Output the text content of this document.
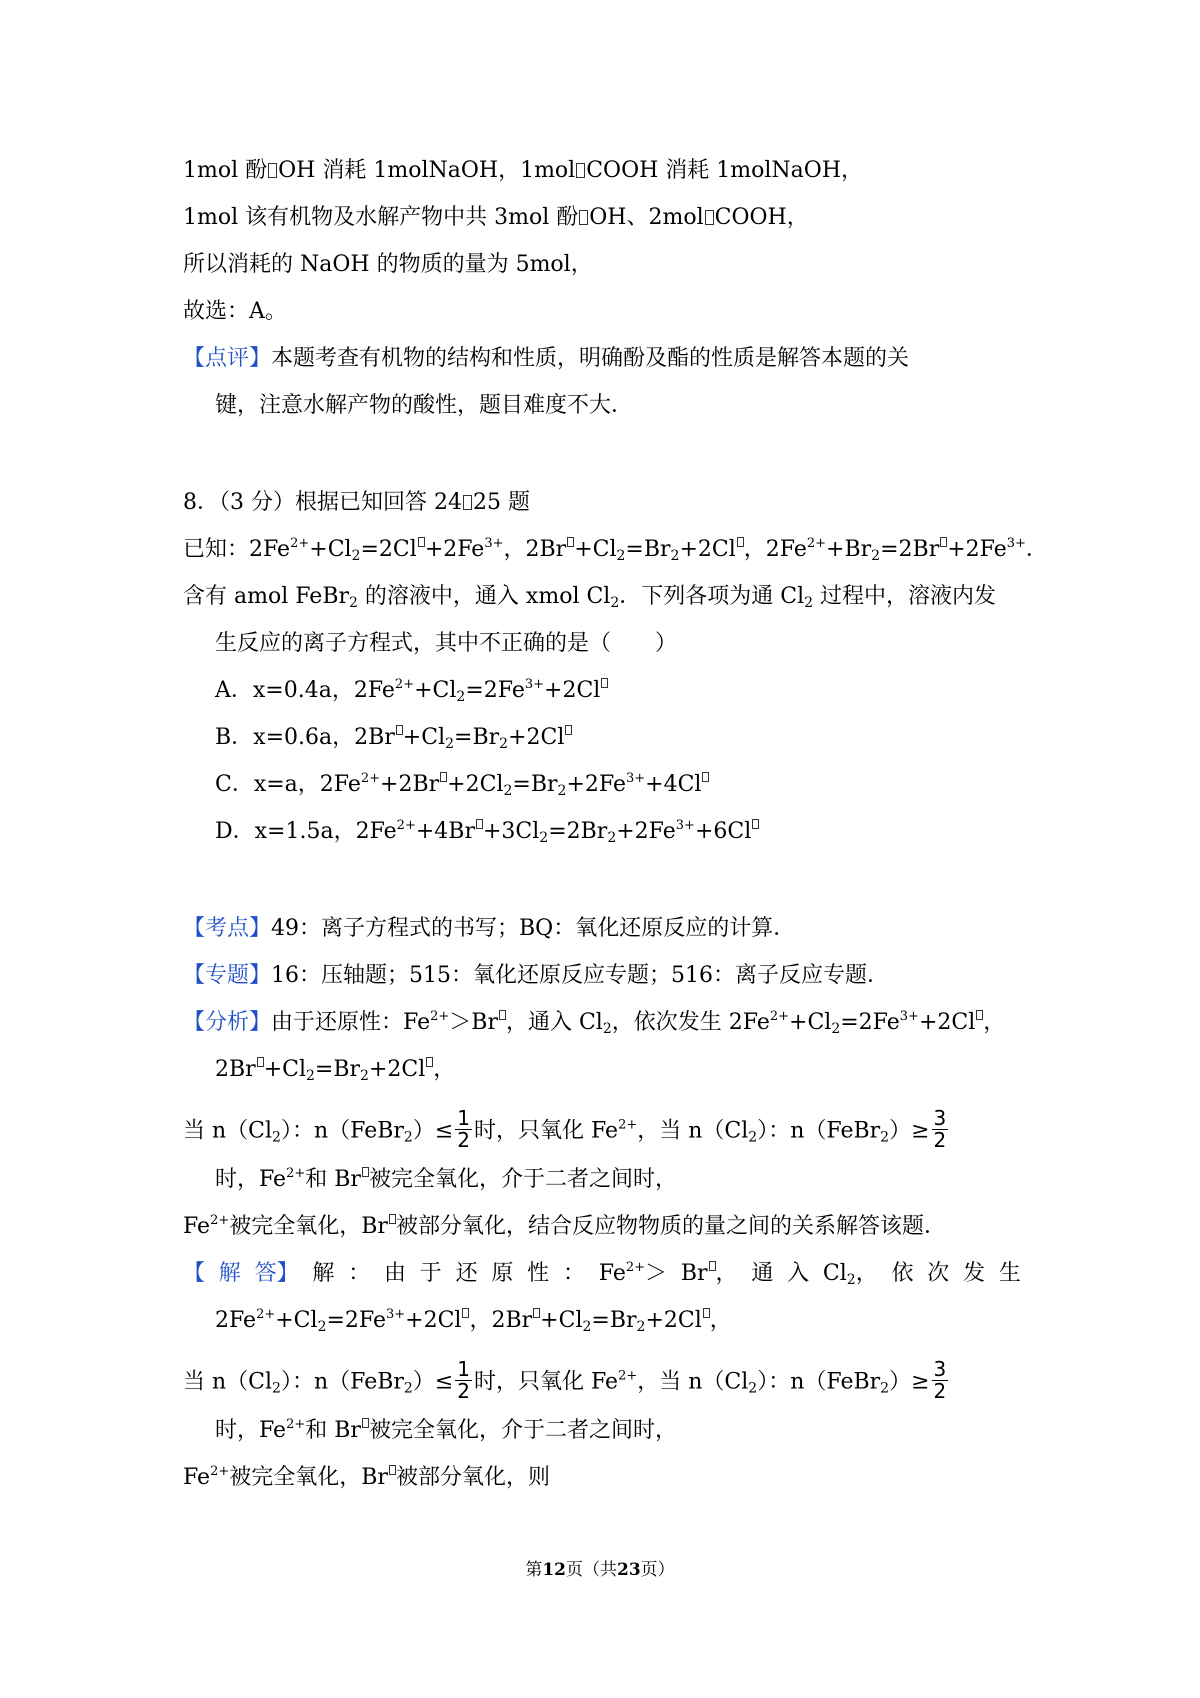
1mol 酚 OH 消耗 1molNaOH，1mol COOH 消耗 1molNaOH，
1mol 该有机物及水解产物中共 3mol 酚 OH、2mol COOH，
所以消耗的 NaOH 的物质的量为 5mol，
故选：A。
【点评】本题考查有机物的结构和性质，明确酚及酯的性质是解答本题的关
键，注意水解产物的酸性，题目难度不大．
8．（3 分）根据已知回答 24 25 题
已知：$2Fe^{2+}+Cl_2=2Cl +2Fe^{3+}$，$2Br +Cl_2=Br_2+2Cl$ ，$2Fe^{2+}+Br_2=2Br +2Fe^{3+}$．
含有 amol FeBr$_2$ 的溶液中，通入 xmol $Cl_2$．下列各项为通 $Cl_2$ 过程中，溶液内发
生反应的离子方程式，其中不正确的是（　　）
A．x=0.4a，$2Fe^{2+}+Cl_2=2Fe^{3+}+2Cl$
B．x=0.6a，$2Br +Cl_2=Br_2+2Cl$
C．x=a，$2Fe^{2+}+2Br +2Cl_2=Br_2+2Fe^{3+}+4Cl$
D．x=1.5a，$2Fe^{2+}+4Br +3Cl_2=2Br_2+2Fe^{3+}+6Cl$
【考点】49：离子方程式的书写；BQ：氧化还原反应的计算．
【专题】16：压轴题；515：氧化还原反应专题；516：离子反应专题．
【分析】由于还原性：$Fe^{2+}>Br$ ，通入 $Cl_2$，依次发生 $2Fe^{2+}+Cl_2=2Fe^{3+}+2Cl$ ，
$2Br +Cl_2=Br_2+2Cl$ ，
当 $n(Cl_2)$：n（FeBr$_2$）≤ $\frac{1}{2}$ 时，只氧化 $Fe^{2+}$，当 $n(Cl_2)$：n（FeBr$_2$）≥ $\frac{3}{2}$
时，$Fe^{2+}$和 Br 被完全氧化，介于二者之间时，
$Fe^{2+}$被完全氧化，Br 被部分氧化，结合反应物物质的量之间的关系解答该题．
【 解 答】 解 ： 由 于 还 原 性 ： $Fe^{2+}> Br$ ， 通 入 $Cl_2$， 依 次 发 生
$2Fe^{2+}+Cl_2=2Fe^{3+}+2Cl$ ，$2Br +Cl_2=Br_2+2Cl$ ，
当 $n(Cl_2)$：n（FeBr$_2$）≤ $\frac{1}{2}$ 时，只氧化 $Fe^{2+}$，当 $n(Cl_2)$：n（FeBr$_2$）≥ $\frac{3}{2}$
时，$Fe^{2+}$和 Br 被完全氧化，介于二者之间时，
$Fe^{2+}$被完全氧化，Br 被部分氧化，则
第12页（共23页）
